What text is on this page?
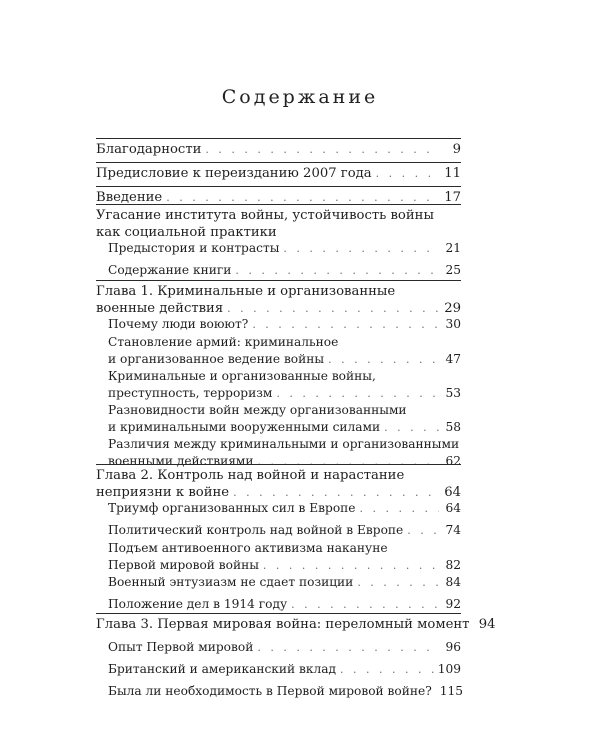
Содержание
Благодарности . . .	9
Предисловие к переизданию 2007 года . . .	11
Введение . . .	17
Угасание института войны, устойчивость войны
как социальной практики
Предыстория и контрасты . . .	21
Содержание книги . . .	25
Глава 1. Криминальные и организованные
военные действия . . .	29
Почему люди воюют? . . .	30
Становление армий: криминальное
и организованное ведение войны . . .	47
Криминальные и организованные войны,
преступность, терроризм . . .	53
Разновидности войн между организованными
и криминальными вооруженными силами . . .	58
Различия между криминальными и организованными
военными действиями . . .	62
Глава 2. Контроль над войной и нарастание
неприязни к войне . . .	64
Триумф организованных сил в Европе . . .	64
Политический контроль над войной в Европе . . .	74
Подъем антивоенного активизма накануне
Первой мировой войны . . .	82
Военный энтузиазм не сдает позиции . . .	84
Положение дел в 1914 году . . .	92
Глава 3. Первая мировая война: переломный момент 94
Опыт Первой мировой . . .	96
Британский и американский вклад . . .	109
Была ли необходимость в Первой мировой войне? 115
